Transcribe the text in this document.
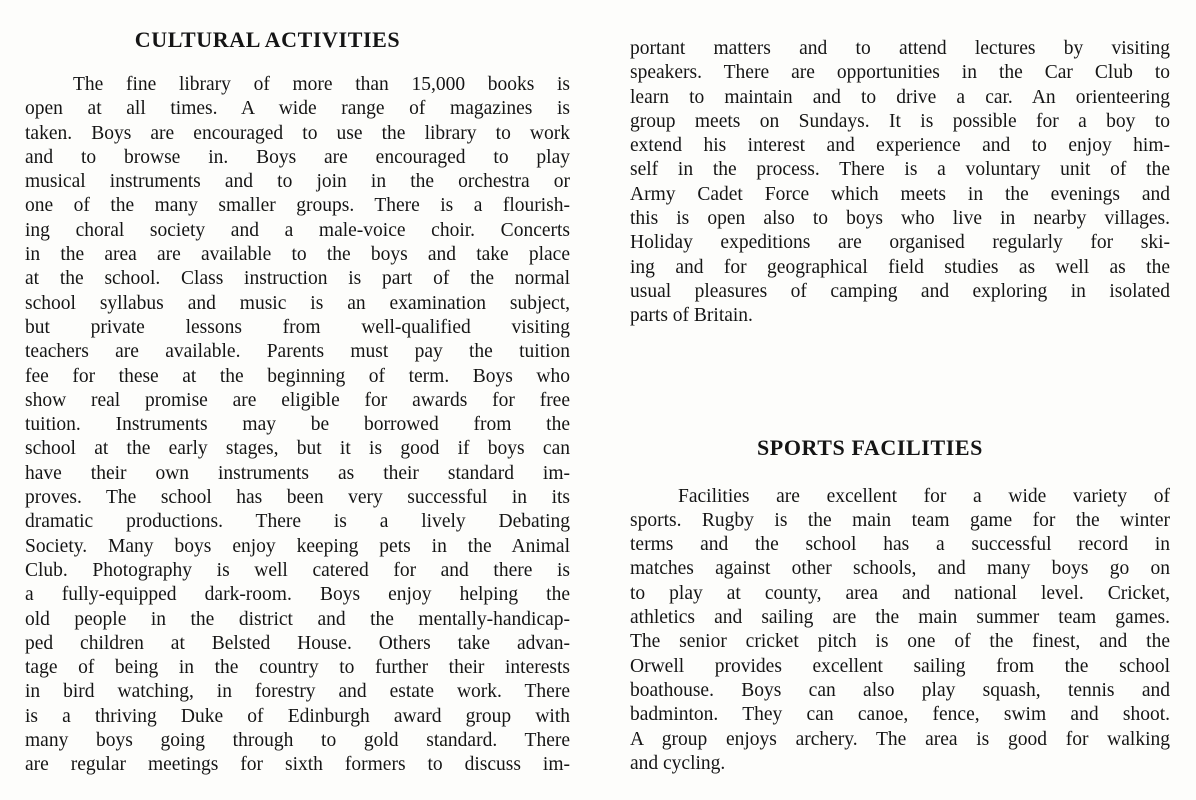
CULTURAL ACTIVITIES
The fine library of more than 15,000 books is
open at all times. A wide range of magazines is
taken. Boys are encouraged to use the library to work
and to browse in. Boys are encouraged to play
musical instruments and to join in the orchestra or
one of the many smaller groups. There is a flourish-
ing choral society and a male-voice choir. Concerts
in the area are available to the boys and take place
at the school. Class instruction is part of the normal
school syllabus and music is an examination subject,
but private lessons from well-qualified visiting
teachers are available. Parents must pay the tuition
fee for these at the beginning of term. Boys who
show real promise are eligible for awards for free
tuition. Instruments may be borrowed from the
school at the early stages, but it is good if boys can
have their own instruments as their standard im-
proves. The school has been very successful in its
dramatic productions. There is a lively Debating
Society. Many boys enjoy keeping pets in the Animal
Club. Photography is well catered for and there is
a fully-equipped dark-room. Boys enjoy helping the
old people in the district and the mentally-handicap-
ped children at Belsted House. Others take advan-
tage of being in the country to further their interests
in bird watching, in forestry and estate work. There
is a thriving Duke of Edinburgh award group with
many boys going through to gold standard. There
are regular meetings for sixth formers to discuss im-
portant matters and to attend lectures by visiting
speakers. There are opportunities in the Car Club to
learn to maintain and to drive a car. An orienteering
group meets on Sundays. It is possible for a boy to
extend his interest and experience and to enjoy him-
self in the process. There is a voluntary unit of the
Army Cadet Force which meets in the evenings and
this is open also to boys who live in nearby villages.
Holiday expeditions are organised regularly for ski-
ing and for geographical field studies as well as the
usual pleasures of camping and exploring in isolated
parts of Britain.
SPORTS FACILITIES
Facilities are excellent for a wide variety of
sports. Rugby is the main team game for the winter
terms and the school has a successful record in
matches against other schools, and many boys go on
to play at county, area and national level. Cricket,
athletics and sailing are the main summer team games.
The senior cricket pitch is one of the finest, and the
Orwell provides excellent sailing from the school
boathouse. Boys can also play squash, tennis and
badminton. They can canoe, fence, swim and shoot.
A group enjoys archery. The area is good for walking
and cycling.
